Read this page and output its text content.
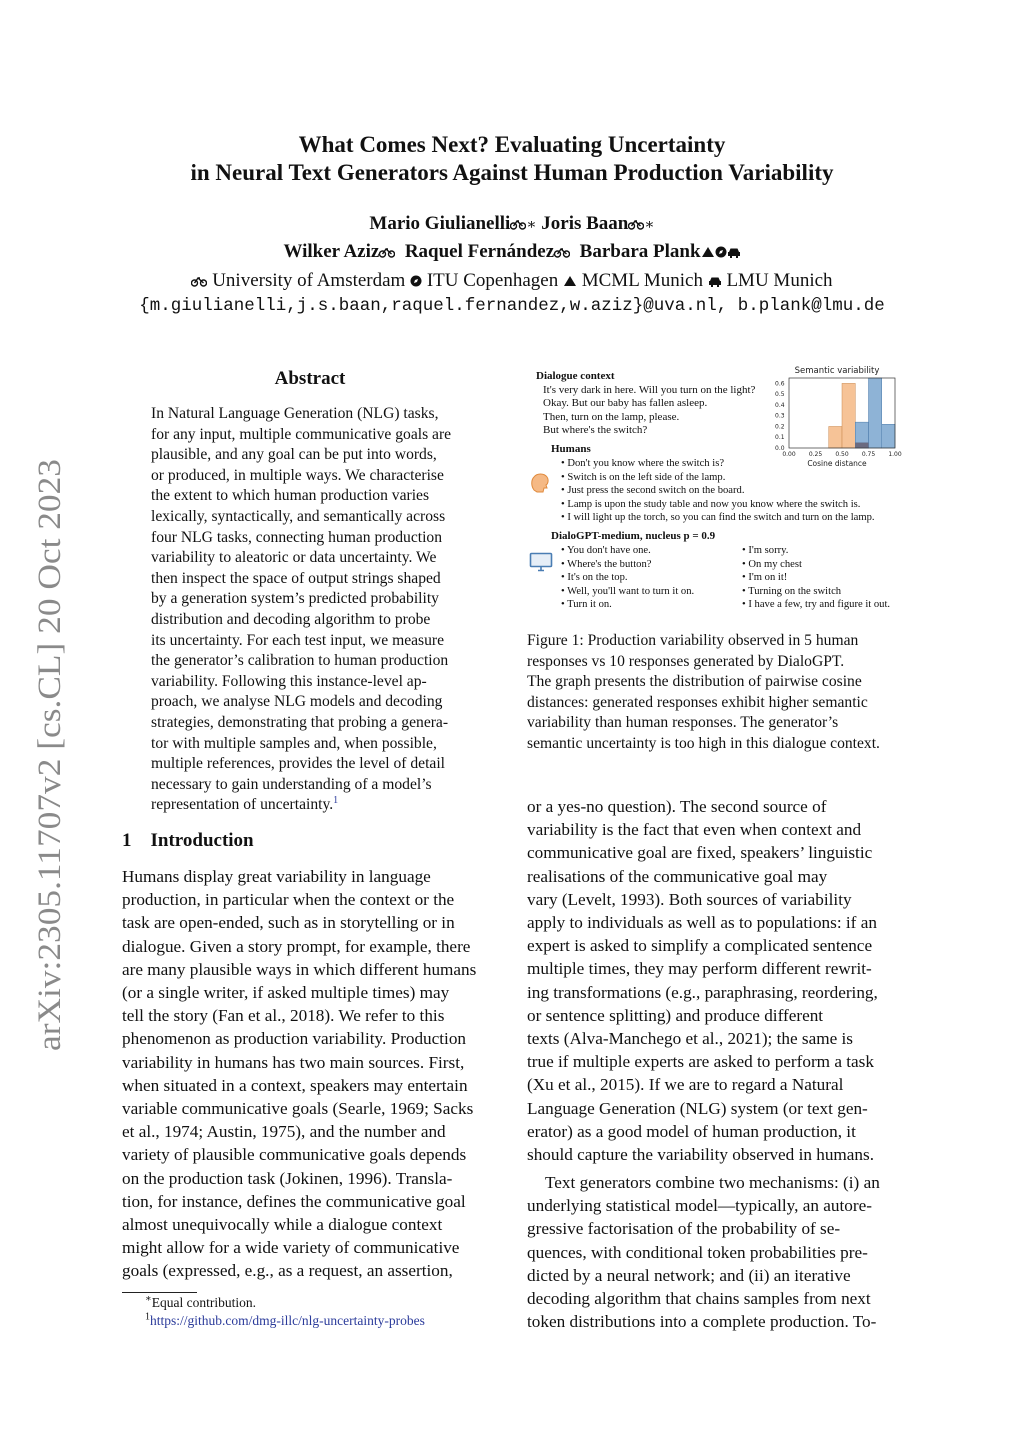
arXiv:2305.11707v2 [cs.CL] 20 Oct 2023
What Comes Next? Evaluating Uncertainty
in Neural Text Generators Against Human Production Variability
Mario Giulianelli ∗ Joris Baan ∗
Wilker Aziz Raquel Fernández Barbara Plank
University of Amsterdam ITU Copenhagen MCML Munich LMU Munich
{m.giulianelli,j.s.baan,raquel.fernandez,w.aziz}@uva.nl, b.plank@lmu.de
Abstract
In Natural Language Generation (NLG) tasks,
for any input, multiple communicative goals are
plausible, and any goal can be put into words,
or produced, in multiple ways. We characterise
the extent to which human production varies
lexically, syntactically, and semantically across
four NLG tasks, connecting human production
variability to aleatoric or data uncertainty. We
then inspect the space of output strings shaped
by a generation system’s predicted probability
distribution and decoding algorithm to probe
its uncertainty. For each test input, we measure
the generator’s calibration to human production
variability. Following this instance-level ap-
proach, we analyse NLG models and decoding
strategies, demonstrating that probing a genera-
tor with multiple samples and, when possible,
multiple references, provides the level of detail
necessary to gain understanding of a model’s
representation of uncertainty.$^1$
1 Introduction
Humans display great variability in language
production, in particular when the context or the
task are open-ended, such as in storytelling or in
dialogue. Given a story prompt, for example, there
are many plausible ways in which different humans
(or a single writer, if asked multiple times) may
tell the story (Fan et al., 2018). We refer to this
phenomenon as production variability. Production
variability in humans has two main sources. First,
when situated in a context, speakers may entertain
variable communicative goals (Searle, 1969; Sacks
et al., 1974; Austin, 1975), and the number and
variety of plausible communicative goals depends
on the production task (Jokinen, 1996). Transla-
tion, for instance, defines the communicative goal
almost unequivocally while a dialogue context
might allow for a wide variety of communicative
goals (expressed, e.g., as a request, an assertion,
∗Equal contribution.
$^1$https://github.com/dmg-illc/nlg-uncertainty-probes
Dialogue context
It's very dark in here. Will you turn on the light?
Okay. But our baby has fallen asleep.
Then, turn on the lamp, please.
But where's the switch?
Humans
• Don't you know where the switch is?
• Switch is on the left side of the lamp.
• Just press the second switch on the board.
• Lamp is upon the study table and now you know where the switch is.
• I will light up the torch, so you can find the switch and turn on the lamp.
DialoGPT-medium, nucleus p = 0.9
• You don't have one.
• Where's the button?
• It's on the top.
• Well, you'll want to turn it on.
• Turn it on.
• I'm sorry.
• On my chest
• I'm on it!
• Turning on the switch
• I have a few, try and figure it out.
Semantic variability
0.0
0.1
0.2
0.3
0.4
0.5
0.6
0.00 0.25 0.50 0.75 1.00
Cosine distance
Figure 1: Production variability observed in 5 human
responses vs 10 responses generated by DialoGPT.
The graph presents the distribution of pairwise cosine
distances: generated responses exhibit higher semantic
variability than human responses. The generator’s
semantic uncertainty is too high in this dialogue context.
or a yes-no question). The second source of
variability is the fact that even when context and
communicative goal are fixed, speakers’ linguistic
realisations of the communicative goal may
vary (Levelt, 1993). Both sources of variability
apply to individuals as well as to populations: if an
expert is asked to simplify a complicated sentence
multiple times, they may perform different rewrit-
ing transformations (e.g., paraphrasing, reordering,
or sentence splitting) and produce different
texts (Alva-Manchego et al., 2021); the same is
true if multiple experts are asked to perform a task
(Xu et al., 2015). If we are to regard a Natural
Language Generation (NLG) system (or text gen-
erator) as a good model of human production, it
should capture the variability observed in humans.
Text generators combine two mechanisms: (i) an
underlying statistical model—typically, an autore-
gressive factorisation of the probability of se-
quences, with conditional token probabilities pre-
dicted by a neural network; and (ii) an iterative
decoding algorithm that chains samples from next
token distributions into a complete production. To-
